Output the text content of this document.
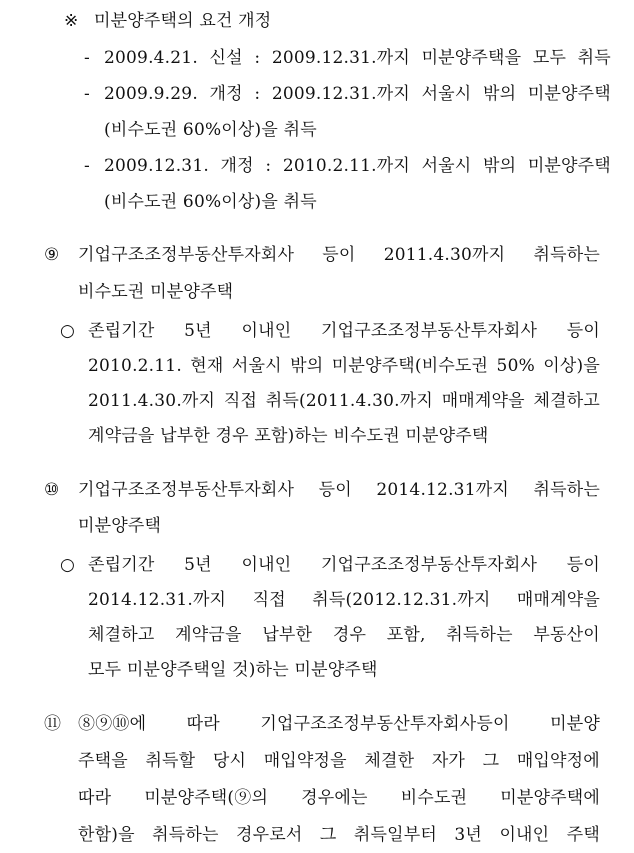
※ 미분양주택의 요건 개정
- 2009.4.21. 신설 : 2009.12.31.까지 미분양주택을 모두 취득
- 2009.9.29. 개정 : 2009.12.31.까지 서울시 밖의 미분양주택
(비수도권 60%이상)을 취득
- 2009.12.31. 개정 : 2010.2.11.까지 서울시 밖의 미분양주택
(비수도권 60%이상)을 취득
⑨ 기업구조조정부동산투자회사 등이 2011.4.30까지 취득하는
비수도권 미분양주택
○ 존립기간 5년 이내인 기업구조조정부동산투자회사 등이
2010.2.11. 현재 서울시 밖의 미분양주택(비수도권 50% 이상)을
2011.4.30.까지 직접 취득(2011.4.30.까지 매매계약을 체결하고
계약금을 납부한 경우 포함)하는 비수도권 미분양주택
⑩ 기업구조조정부동산투자회사 등이 2014.12.31까지 취득하는
미분양주택
○ 존립기간 5년 이내인 기업구조조정부동산투자회사 등이
2014.12.31.까지 직접 취득(2012.12.31.까지 매매계약을
체결하고 계약금을 납부한 경우 포함, 취득하는 부동산이
모두 미분양주택일 것)하는 미분양주택
⑪ ⑧⑨⑩에 따라 기업구조조정부동산투자회사등이 미분양
주택을 취득할 당시 매입약정을 체결한 자가 그 매입약정에
따라 미분양주택(⑨의 경우에는 비수도권 미분양주택에
한함)을 취득하는 경우로서 그 취득일부터 3년 이내인 주택
